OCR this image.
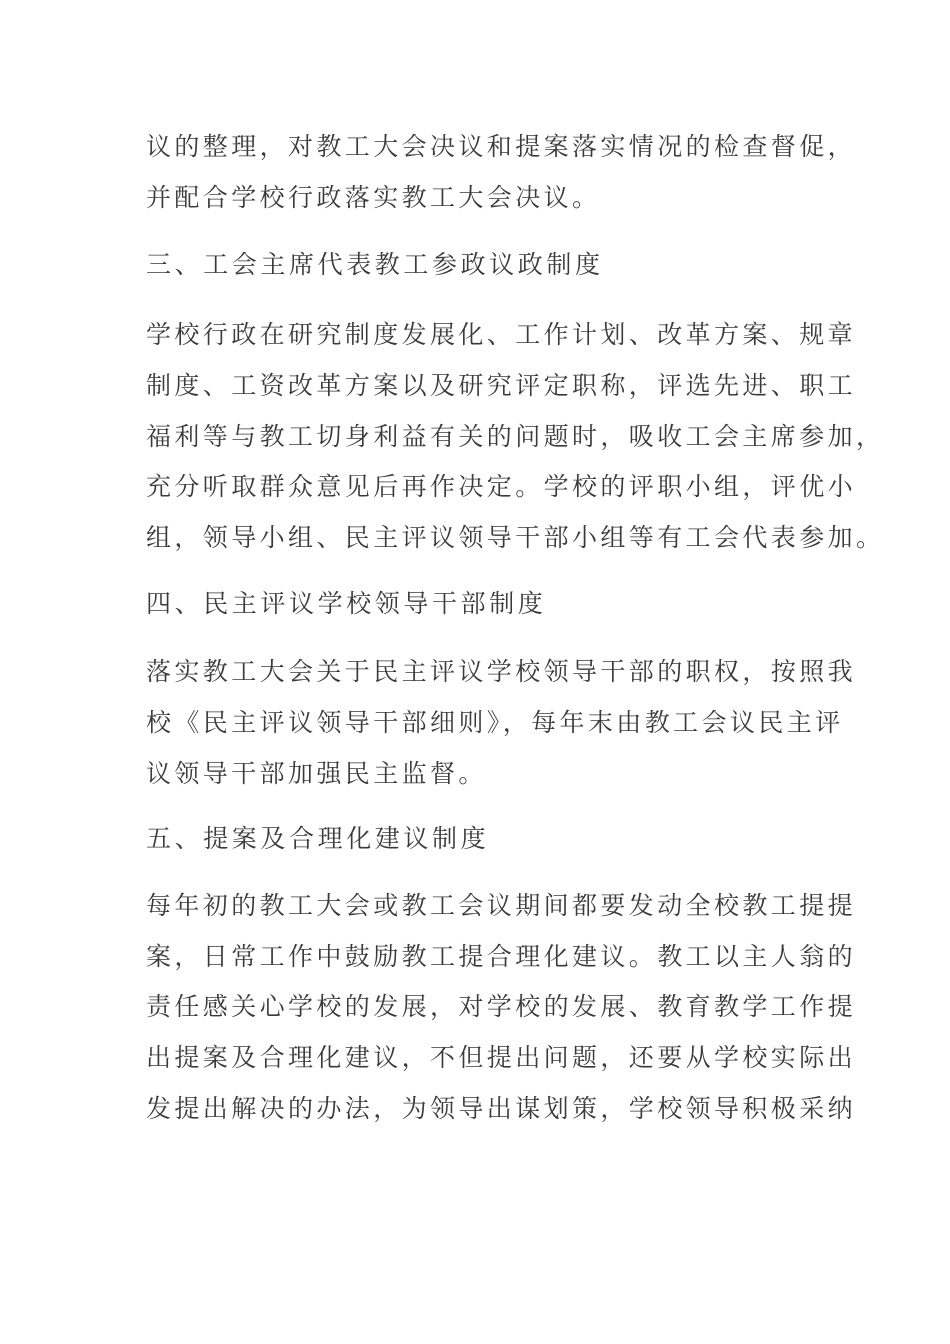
议的整理，对教工大会决议和提案落实情况的检查督促，
并配合学校行政落实教工大会决议。
三、工会主席代表教工参政议政制度
学校行政在研究制度发展化、工作计划、改革方案、规章
制度、工资改革方案以及研究评定职称，评选先进、职工
福利等与教工切身利益有关的问题时，吸收工会主席参加，
充分听取群众意见后再作决定。学校的评职小组，评优小
组，领导小组、民主评议领导干部小组等有工会代表参加。
四、民主评议学校领导干部制度
落实教工大会关于民主评议学校领导干部的职权，按照我
校《民主评议领导干部细则》，每年末由教工会议民主评
议领导干部加强民主监督。
五、提案及合理化建议制度
每年初的教工大会或教工会议期间都要发动全校教工提提
案，日常工作中鼓励教工提合理化建议。教工以主人翁的
责任感关心学校的发展，对学校的发展、教育教学工作提
出提案及合理化建议，不但提出问题，还要从学校实际出
发提出解决的办法，为领导出谋划策，学校领导积极采纳
